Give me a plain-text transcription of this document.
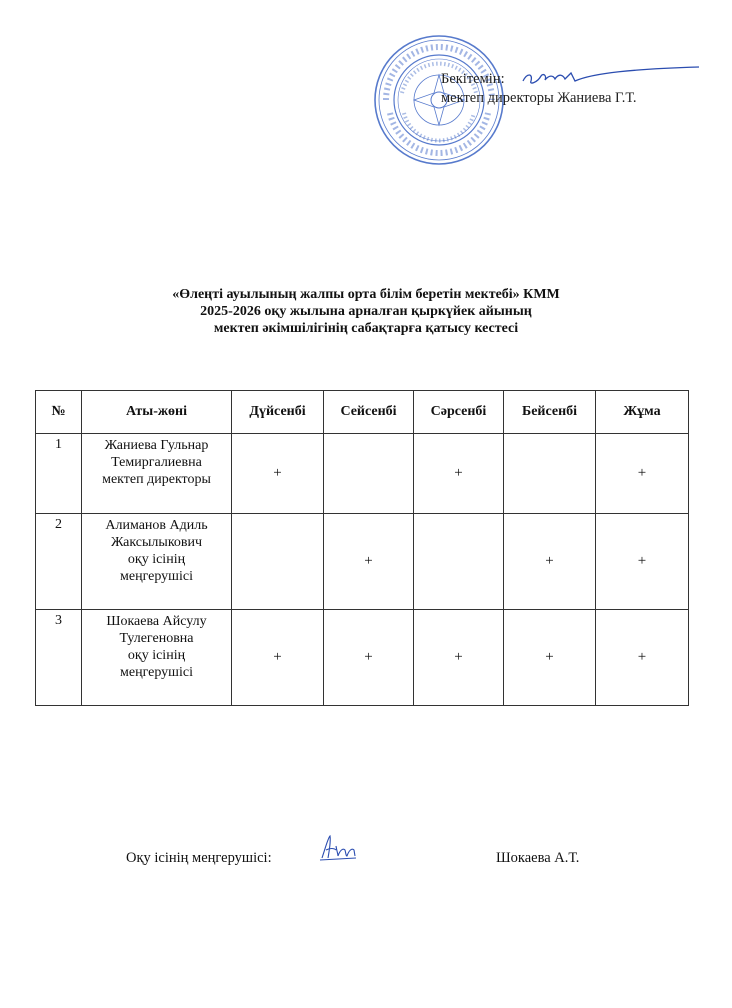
Бекітемін:
мектеп директоры Жаниева Г.Т.
«Өлеңті ауылының жалпы орта білім беретін мектебі» КММ
2025-2026 оқу жылына арналған қыркүйек айының
мектеп әкімшілігінің сабақтарға қатысу кестесі
№	Аты-жөні	Дүйсенбі	Сейсенбі	Сәрсенбі	Бейсенбі	Жұма
1	Жаниева Гульнар
Темиргалиевна
мектеп директоры	+		+		+
2	Алиманов Адиль
Жаксылыкович
оқу ісінің
меңгерушісі		+		+	+
3	Шокаева Айсулу
Тулегеновна
оқу ісінің
меңгерушісі	+	+	+	+	+
Оқу ісінің меңгерушісі:	Шокаева А.Т.
